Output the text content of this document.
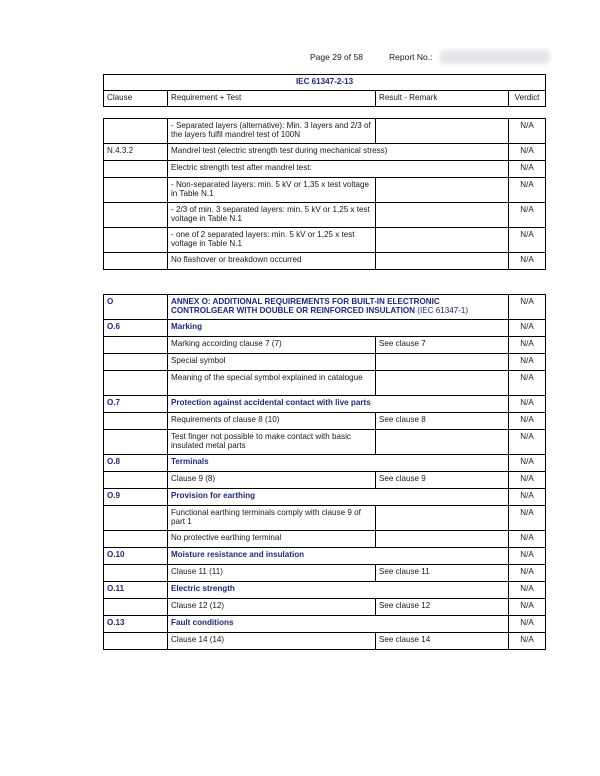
Page 29 of 58	Report No.:
IEC 61347-2-13
Clause	Requirement + Test	Result - Remark	Verdict
	- Separated layers (alternative): Min. 3 layers and 2/3 of the layers fulfil mandrel test of 100N		N/A
N.4.3.2	Mandrel test (electric strength test during mechanical stress)		N/A
	Electric strength test after mandrel test:		N/A
	- Non-separated layers: min. 5 kV or 1,35 x test voltage in Table N.1		N/A
	- 2/3 of min. 3 separated layers: min. 5 kV or 1,25 x test voltage in Table N.1		N/A
	- one of 2 separated layers: min. 5 kV or 1,25 x test voltage in Table N.1		N/A
	No flashover or breakdown occurred		N/A
O	ANNEX O: ADDITIONAL REQUIREMENTS FOR BUILT-IN ELECTRONIC CONTROLGEAR WITH DOUBLE OR REINFORCED INSULATION (IEC 61347-1)		N/A
O.6	Marking		N/A
	Marking according clause 7 (7)	See clause 7	N/A
	Special symbol		N/A
	Meaning of the special symbol explained in catalogue		N/A
O.7	Protection against accidental contact with live parts		N/A
	Requirements of clause 8 (10)	See clause 8	N/A
	Test finger not possible to make contact with basic insulated metal parts		N/A
O.8	Terminals		N/A
	Clause 9 (8)	See clause 9	N/A
O.9	Provision for earthing		N/A
	Functional earthing terminals comply with clause 9 of part 1		N/A
	No protective earthing terminal		N/A
O.10	Moisture resistance and insulation		N/A
	Clause 11 (11)	See clause 11	N/A
O.11	Electric strength		N/A
	Clause 12 (12)	See clause 12	N/A
O.13	Fault conditions		N/A
	Clause 14 (14)	See clause 14	N/A
